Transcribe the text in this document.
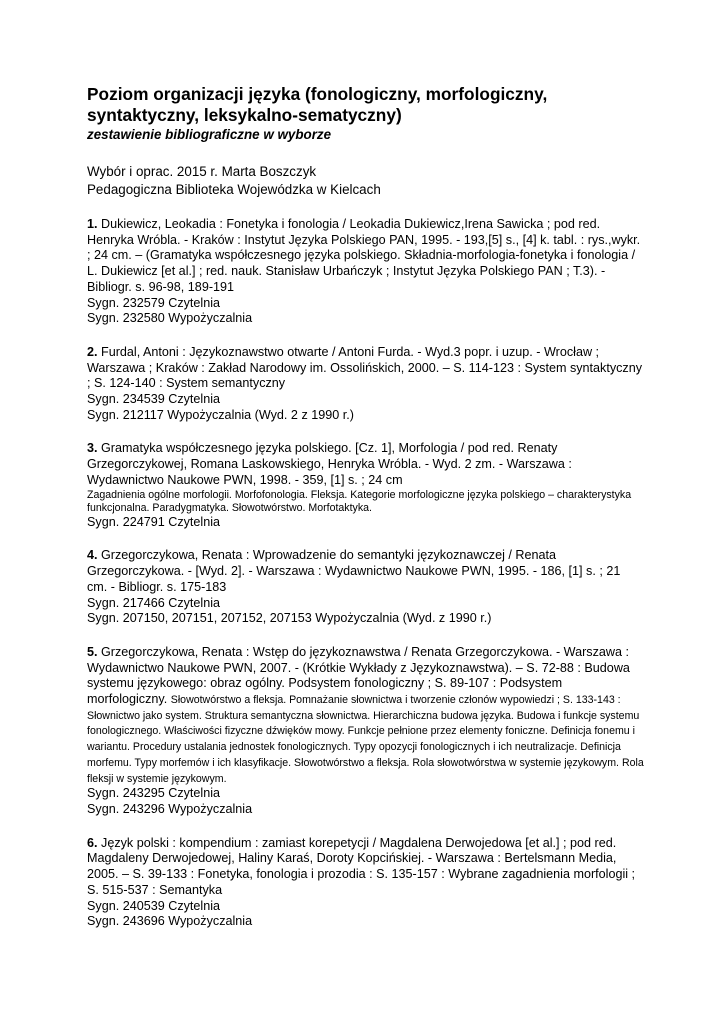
Poziom organizacji języka (fonologiczny, morfologiczny, syntaktyczny, leksykalno-sematyczny)
zestawienie bibliograficzne w wyborze
Wybór i oprac. 2015 r. Marta Boszczyk
Pedagogiczna Biblioteka Wojewódzka w Kielcach
1. Dukiewicz, Leokadia : Fonetyka i fonologia / Leokadia Dukiewicz,Irena Sawicka ; pod red. Henryka Wróbla. - Kraków : Instytut Języka Polskiego PAN, 1995. - 193,[5] s., [4] k. tabl. : rys.,wykr. ; 24 cm. – (Gramatyka współczesnego języka polskiego. Składnia-morfologia-fonetyka i fonologia / L. Dukiewicz [et al.] ; red. nauk. Stanisław Urbańczyk ; Instytut Języka Polskiego PAN ; T.3). - Bibliogr. s. 96-98, 189-191
Sygn. 232579 Czytelnia
Sygn. 232580 Wypożyczalnia
2. Furdal, Antoni : Językoznawstwo otwarte / Antoni Furda. - Wyd.3 popr. i uzup. - Wrocław ; Warszawa ; Kraków : Zakład Narodowy im. Ossolińskich, 2000. – S. 114-123 : System syntaktyczny ; S. 124-140 : System semantyczny
Sygn. 234539 Czytelnia
Sygn. 212117 Wypożyczalnia (Wyd. 2 z 1990 r.)
3. Gramatyka współczesnego języka polskiego. [Cz. 1], Morfologia / pod red. Renaty Grzegorczykowej, Romana Laskowskiego, Henryka Wróbla. - Wyd. 2 zm. - Warszawa : Wydawnictwo Naukowe PWN, 1998. - 359, [1] s. ; 24 cm
Zagadnienia ogólne morfologii. Morfofonologia. Fleksja. Kategorie morfologiczne języka polskiego – charakterystyka funkcjonalna. Paradygmatyka. Słowotwórstwo. Morfotaktyka.
Sygn. 224791 Czytelnia
4. Grzegorczykowa, Renata : Wprowadzenie do semantyki językoznawczej / Renata Grzegorczykowa. - [Wyd. 2]. - Warszawa : Wydawnictwo Naukowe PWN, 1995. - 186, [1] s. ; 21 cm. - Bibliogr. s. 175-183
Sygn. 217466 Czytelnia
Sygn. 207150, 207151, 207152, 207153 Wypożyczalnia (Wyd. z 1990 r.)
5. Grzegorczykowa, Renata : Wstęp do językoznawstwa / Renata Grzegorczykowa. - Warszawa : Wydawnictwo Naukowe PWN, 2007. - (Krótkie Wykłady z Językoznawstwa). – S. 72-88 : Budowa systemu językowego: obraz ogólny. Podsystem fonologiczny ; S. 89-107 : Podsystem morfologiczny. Słowotwórstwo a fleksja. Pomnażanie słownictwa i tworzenie członów wypowiedzi ; S. 133-143 : Słownictwo jako system. Struktura semantyczna słownictwa. Hierarchiczna budowa języka. Budowa i funkcje systemu fonologicznego. Właściwości fizyczne dźwięków mowy. Funkcje pełnione przez elementy foniczne. Definicja fonemu i wariantu. Procedury ustalania jednostek fonologicznych. Typy opozycji fonologicznych i ich neutralizacje. Definicja morfemu. Typy morfemów i ich klasyfikacje. Słowotwórstwo a fleksja. Rola słowotwórstwa w systemie językowym. Rola fleksji w systemie językowym.
Sygn. 243295 Czytelnia
Sygn. 243296 Wypożyczalnia
6. Język polski : kompendium : zamiast korepetycji / Magdalena Derwojedowa [et al.] ; pod red. Magdaleny Derwojedowej, Haliny Karaś, Doroty Kopcińskiej. - Warszawa : Bertelsmann Media, 2005. – S. 39-133 : Fonetyka, fonologia i prozodia : S. 135-157 : Wybrane zagadnienia morfologii ; S. 515-537 : Semantyka
Sygn. 240539 Czytelnia
Sygn. 243696 Wypożyczalnia
